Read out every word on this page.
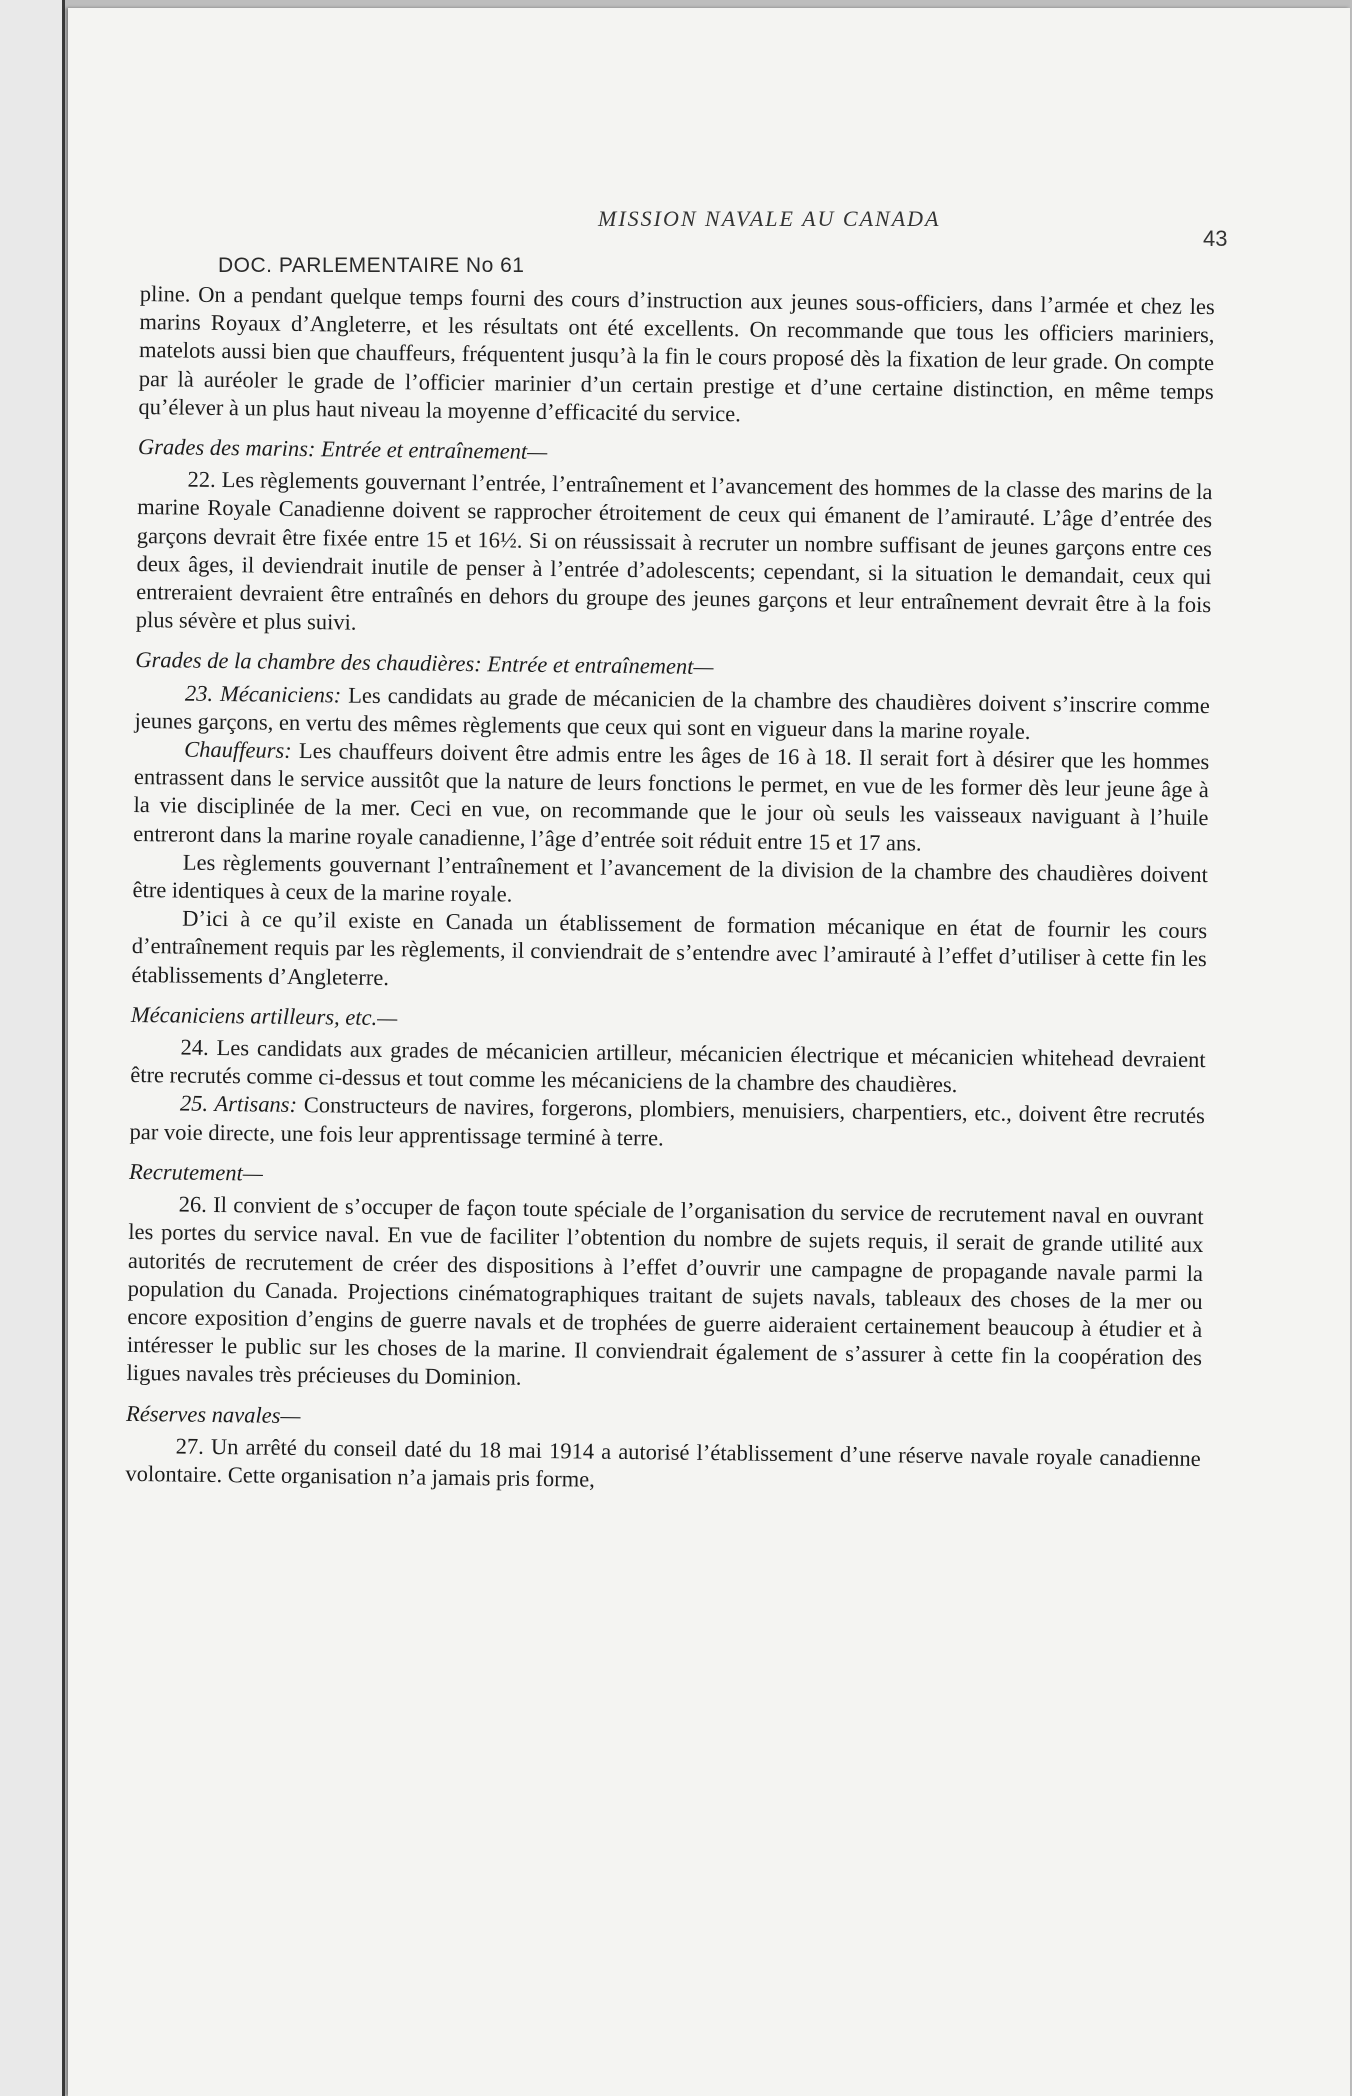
MISSION NAVALE AU CANADA
43
DOC. PARLEMENTAIRE No 61

pline. On a pendant quelque temps fourni des cours d’instruction aux jeunes sous-officiers, dans l’armée et chez les marins Royaux d’Angleterre, et les résultats ont été excellents. On recommande que tous les officiers mariniers, matelots aussi bien que chauffeurs, fréquentent jusqu’à la fin le cours proposé dès la fixation de leur grade. On compte par là auréoler le grade de l’officier marinier d’un certain prestige et d’une certaine distinction, en même temps qu’élever à un plus haut niveau la moyenne d’efficacité du service.

Grades des marins: Entrée et entraînement—

22. Les règlements gouvernant l’entrée, l’entraînement et l’avancement des hommes de la classe des marins de la marine Royale Canadienne doivent se rapprocher étroitement de ceux qui émanent de l’amirauté. L’âge d’entrée des garçons devrait être fixée entre 15 et 16½. Si on réussissait à recruter un nombre suffisant de jeunes garçons entre ces deux âges, il deviendrait inutile de penser à l’entrée d’adolescents; cependant, si la situation le demandait, ceux qui entreraient devraient être entraînés en dehors du groupe des jeunes garçons et leur entraînement devrait être à la fois plus sévère et plus suivi.

Grades de la chambre des chaudières: Entrée et entraînement—

23. Mécaniciens: Les candidats au grade de mécanicien de la chambre des chaudières doivent s’inscrire comme jeunes garçons, en vertu des mêmes règlements que ceux qui sont en vigueur dans la marine royale.

Chauffeurs: Les chauffeurs doivent être admis entre les âges de 16 à 18. Il serait fort à désirer que les hommes entrassent dans le service aussitôt que la nature de leurs fonctions le permet, en vue de les former dès leur jeune âge à la vie disciplinée de la mer. Ceci en vue, on recommande que le jour où seuls les vaisseaux naviguant à l’huile entreront dans la marine royale canadienne, l’âge d’entrée soit réduit entre 15 et 17 ans.

Les règlements gouvernant l’entraînement et l’avancement de la division de la chambre des chaudières doivent être identiques à ceux de la marine royale.

D’ici à ce qu’il existe en Canada un établissement de formation mécanique en état de fournir les cours d’entraînement requis par les règlements, il conviendrait de s’entendre avec l’amirauté à l’effet d’utiliser à cette fin les établissements d’Angleterre.

Mécaniciens artilleurs, etc.—

24. Les candidats aux grades de mécanicien artilleur, mécanicien électrique et mécanicien whitehead devraient être recrutés comme ci-dessus et tout comme les mécaniciens de la chambre des chaudières.

25. Artisans: Constructeurs de navires, forgerons, plombiers, menuisiers, charpentiers, etc., doivent être recrutés par voie directe, une fois leur apprentissage terminé à terre.

Recrutement—

26. Il convient de s’occuper de façon toute spéciale de l’organisation du service de recrutement naval en ouvrant les portes du service naval. En vue de faciliter l’obtention du nombre de sujets requis, il serait de grande utilité aux autorités de recrutement de créer des dispositions à l’effet d’ouvrir une campagne de propagande navale parmi la population du Canada. Projections cinématographiques traitant de sujets navals, tableaux des choses de la mer ou encore exposition d’engins de guerre navals et de trophées de guerre aideraient certainement beaucoup à étudier et à intéresser le public sur les choses de la marine. Il conviendrait également de s’assurer à cette fin la coopération des ligues navales très précieuses du Dominion.

Réserves navales—

27. Un arrêté du conseil daté du 18 mai 1914 a autorisé l’établissement d’une réserve navale royale canadienne volontaire. Cette organisation n’a jamais pris forme,
